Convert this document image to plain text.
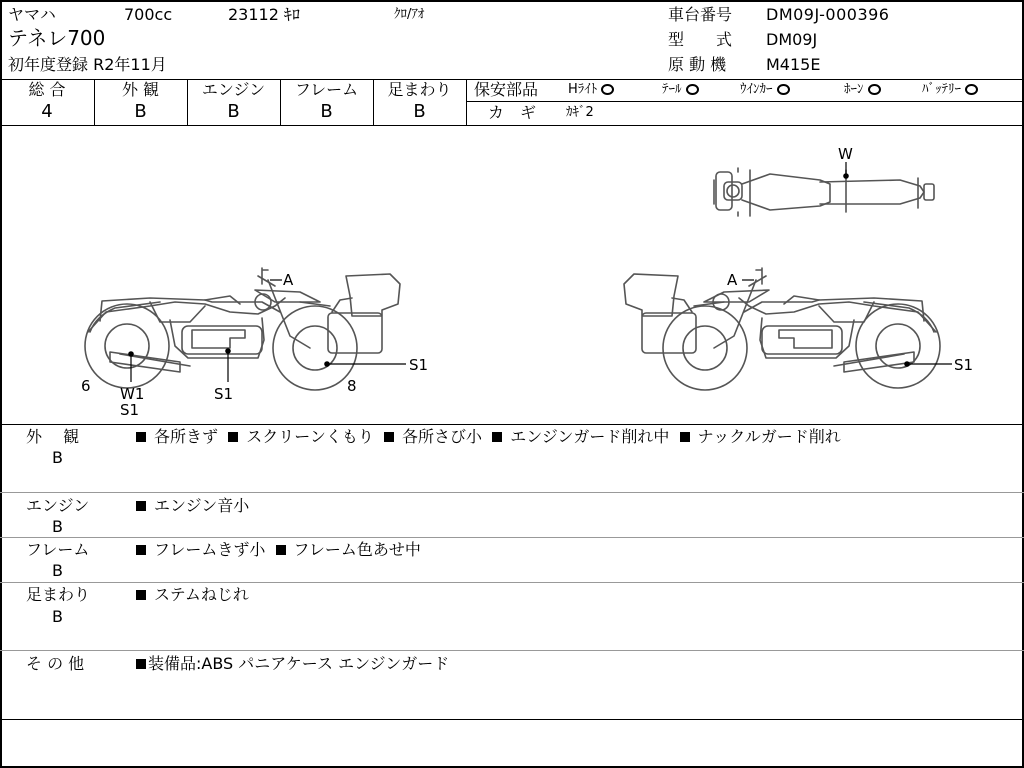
ヤマハ	700cc	23112 ｷﾛ	ｸﾛ/ｱｵ
テネレ700
初年度登録 R2年11月
車台番号 DM09J-000396
型　　式 DM09J
原 動 機 M415E
総 合
4
外 観
B
エンジン
B
フレーム
B
足まわり
B
保安部品 Hﾗｲﾄ	ﾃｰﾙ	ｳｲﾝｶｰ	ﾎｰﾝ	ﾊﾞｯﾃﾘｰ
カ　ギ ｶｷﾞ2
A
6 W1
S1
S1	8
S1
A
S1
W
外　 観
B
各所きず スクリーンくもり 各所さび小 エンジンガード削れ中 ナックルガード削れ
エンジン
B
エンジン音小
フレーム
B
フレームきず小 フレーム色あせ中
足まわり
B
ステムねじれ
そ の 他	装備品:ABS パニアケース エンジンガード
